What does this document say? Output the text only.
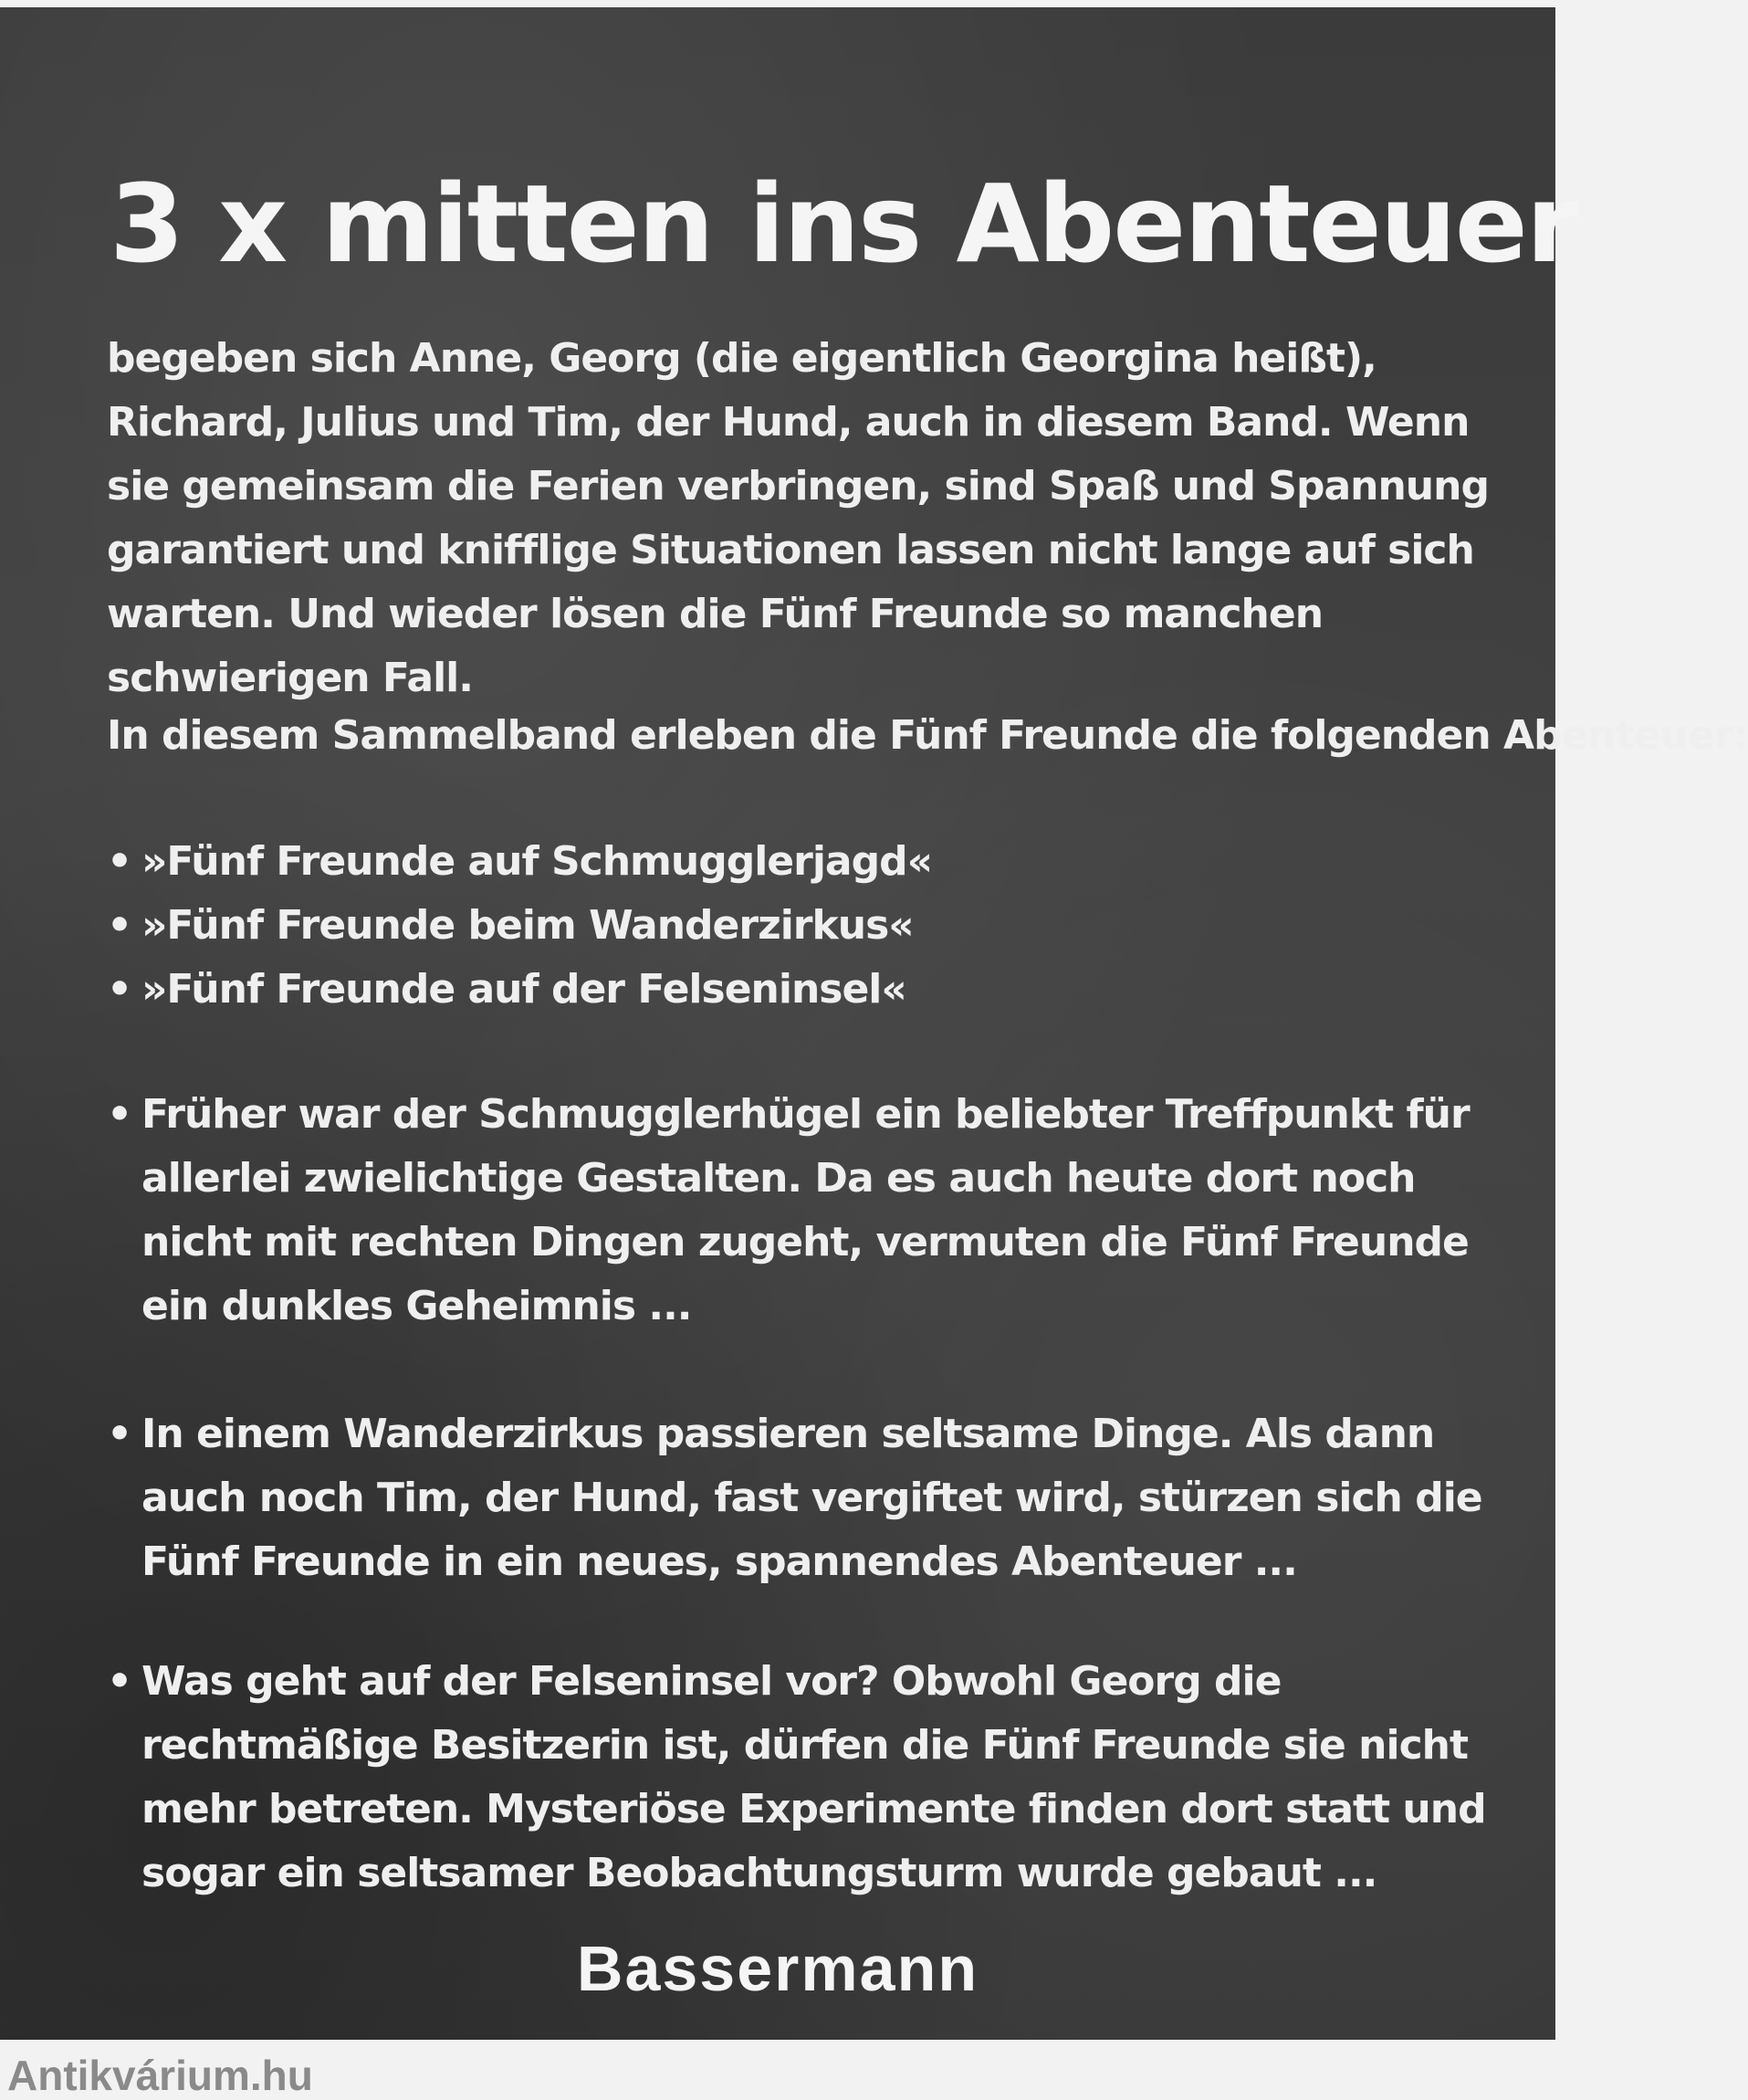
3 x mitten ins Abenteuer

begeben sich Anne, Georg (die eigentlich Georgina heißt), Richard, Julius und Tim, der Hund, auch in diesem Band. Wenn sie gemeinsam die Ferien verbringen, sind Spaß und Spannung garantiert und knifflige Situationen lassen nicht lange auf sich warten. Und wieder lösen die Fünf Freunde so manchen schwierigen Fall.

In diesem Sammelband erleben die Fünf Freunde die folgenden Abenteuer:

• »Fünf Freunde auf Schmugglerjagd«
• »Fünf Freunde beim Wanderzirkus«
• »Fünf Freunde auf der Felseninsel«
• Früher war der Schmugglerhügel ein beliebter Treffpunkt für allerlei zwielichtige Gestalten. Da es auch heute dort noch nicht mit rechten Dingen zugeht, vermuten die Fünf Freunde ein dunkles Geheimnis ...
• In einem Wanderzirkus passieren seltsame Dinge. Als dann auch noch Tim, der Hund, fast vergiftet wird, stürzen sich die Fünf Freunde in ein neues, spannendes Abenteuer ...
• Was geht auf der Felseninsel vor? Obwohl Georg die rechtmäßige Besitzerin ist, dürfen die Fünf Freunde sie nicht mehr betreten. Mysteriöse Experimente finden dort statt und sogar ein seltsamer Beobachtungsturm wurde gebaut ...
Bassermann
Antikvárium.hu
